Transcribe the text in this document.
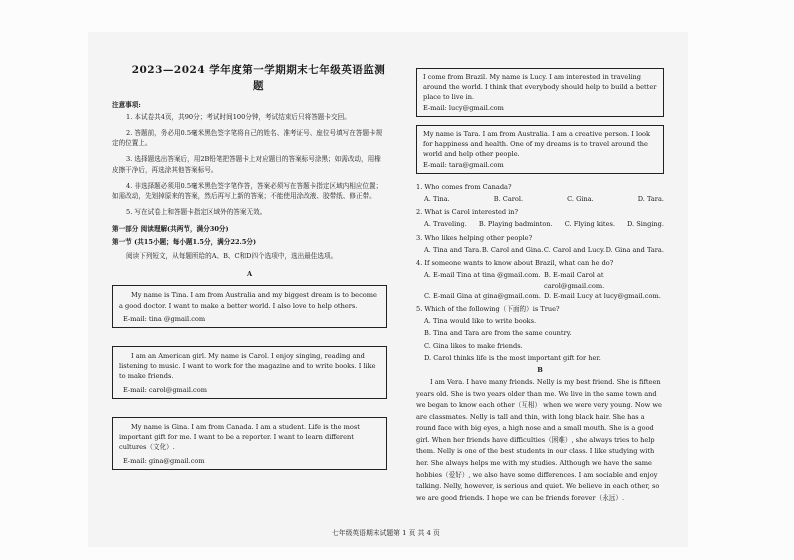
2023—2024 学年度第一学期期末七年级英语监测题
注意事项:
1. 本试卷共4页，共90分；考试时间100分钟，考试结束后只将答题卡交回。
2. 答题前，务必用0.5毫米黑色签字笔将自己的姓名、准考证号、座位号填写在答题卡规定的位置上。
3. 选择题选出答案后，用2B铅笔把答题卡上对应题目的答案标号涂黑；如需改动，用橡皮擦干净后，再选涂其他答案标号。
4. 非选择题必须用0.5毫米黑色签字笔作答，答案必须写在答题卡指定区域内相应位置；如需改动，先划掉原来的答案，然后再写上新的答案；不能使用涂改液、胶带纸、修正带。
5. 写在试卷上和答题卡指定区域外的答案无效。
第一部分 阅读理解(共两节，满分30分)
第一节 (共15小题；每小题1.5分，满分22.5分)
阅读下列短文，从每题所给的A、B、C和D四个选项中，选出最佳选项。
A

My name is Tina. I am from Australia and my biggest dream is to become a good doctor. I want to make a better world. I also love to help others.

E-mail: tina @gmail.com

I am an American girl. My name is Carol. I enjoy singing, reading and listening to music. I want to work for the magazine and to write books. I like to make friends.

E-mail: carol@gmail.com

My name is Gina. I am from Canada. I am a student. Life is the most important gift for me. I want to be a reporter. I want to learn different cultures（文化）.

E-mail: gina@gmail.com

I come from Brazil. My name is Lucy. I am interested in traveling around the world. I think that everybody should help to build a better place to live in.

E-mail: lucy@gmail.com

My name is Tara. I am from Australia. I am a creative person. I look for happiness and health. One of my dreams is to travel around the world and help other people.

E-mail: tara@gmail.com

1. Who comes from Canada?
A. Tina.	B. Carol.	C. Gina.	D. Tara.
2. What is Carol interested in?
A. Traveling. B. Playing badminton. C. Flying kites. D. Singing.
3. Who likes helping other people?
A. Tina and Tara. B. Carol and Gina. C. Carol and Lucy. D. Gina and Tara.
4. If someone wants to know about Brazil, what can he do?
A. E-mail Tina at tina @gmail.com. B. E-mail Carol at carol@gmail.com.
C. E-mail Gina at gina@gmail.com. D. E-mail Lucy at lucy@gmail.com.
5. Which of the following（下面的）is True?
A. Tina would like to write books.
B. Tina and Tara are from the same country.
C. Gina likes to make friends.
D. Carol thinks life is the most important gift for her.
B
I am Vera. I have many friends. Nelly is my best friend. She is fifteen years old. She is two years older than me. We live in the same town and we began to know each other（互相） when we were very young. Now we are classmates. Nelly is tall and thin, with long black hair. She has a round face with big eyes, a high nose and a small mouth. She is a good girl. When her friends have difficulties（困难）, she always tries to help them. Nelly is one of the best students in our class. I like studying with her. She always helps me with my studies. Although we have the same hobbies（爱好）, we also have some differences. I am sociable and enjoy talking. Nelly, however, is serious and quiet. We believe in each other, so we are good friends. I hope we can be friends forever（永远）.
七年级英语期末试题第 1 页 共 4 页
